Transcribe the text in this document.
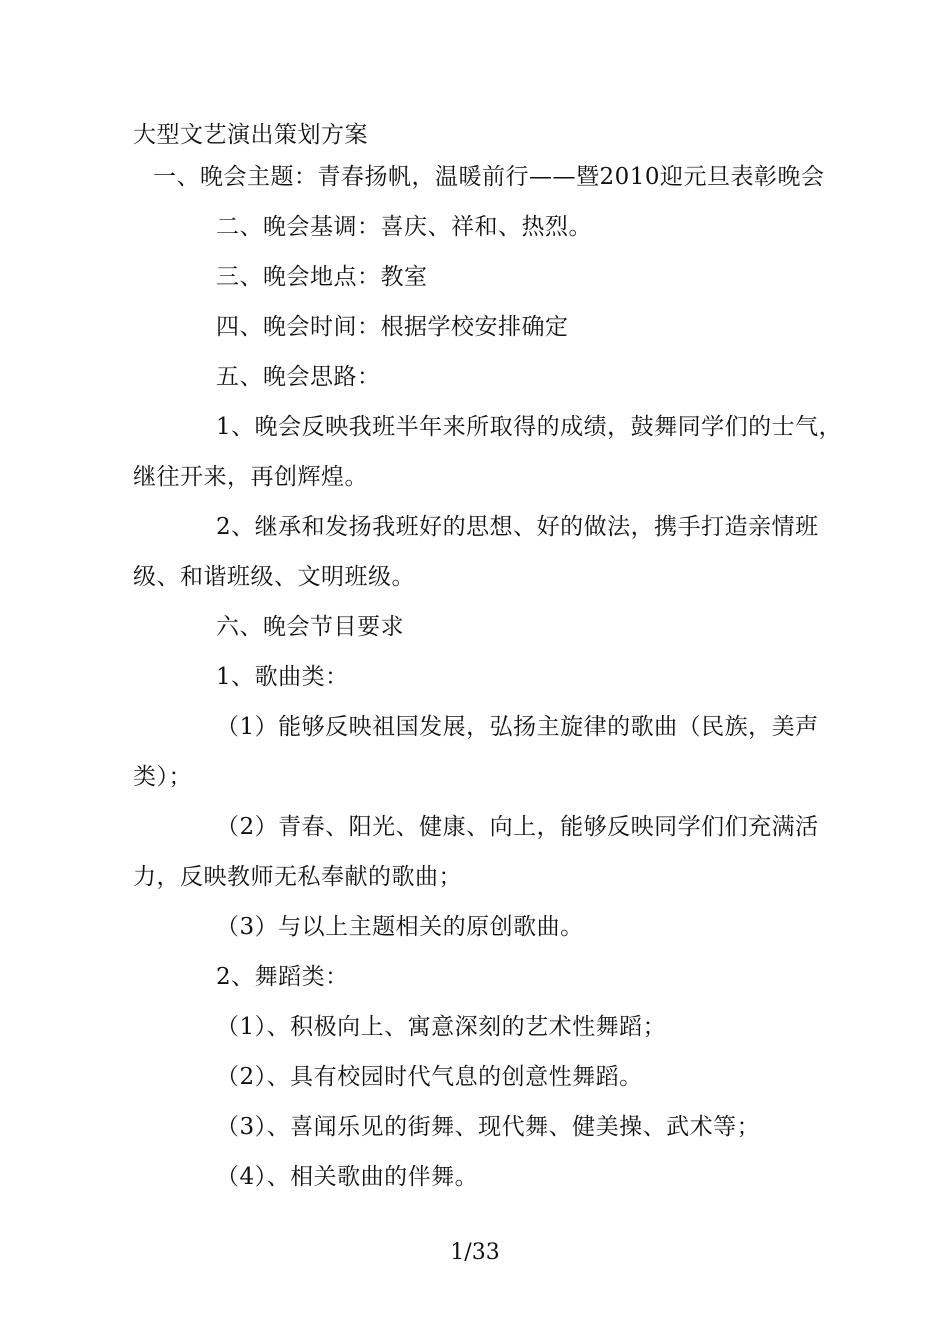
大型文艺演出策划方案
一、晚会主题：青春扬帆，温暖前行——暨2010迎元旦表彰晚会
二、晚会基调：喜庆、祥和、热烈。
三、晚会地点：教室
四、晚会时间：根据学校安排确定
五、晚会思路：
1、晚会反映我班半年来所取得的成绩，鼓舞同学们的士气，
继往开来，再创辉煌。
2、继承和发扬我班好的思想、好的做法，携手打造亲情班
级、和谐班级、文明班级。
六、晚会节目要求
1、歌曲类：
（1）能够反映祖国发展，弘扬主旋律的歌曲（民族，美声
类）；
（2）青春、阳光、健康、向上，能够反映同学们们充满活
力，反映教师无私奉献的歌曲；
（3）与以上主题相关的原创歌曲。
2、舞蹈类：
（1）、积极向上、寓意深刻的艺术性舞蹈；
（2）、具有校园时代气息的创意性舞蹈。
（3）、喜闻乐见的街舞、现代舞、健美操、武术等；
（4）、相关歌曲的伴舞。
1/33
